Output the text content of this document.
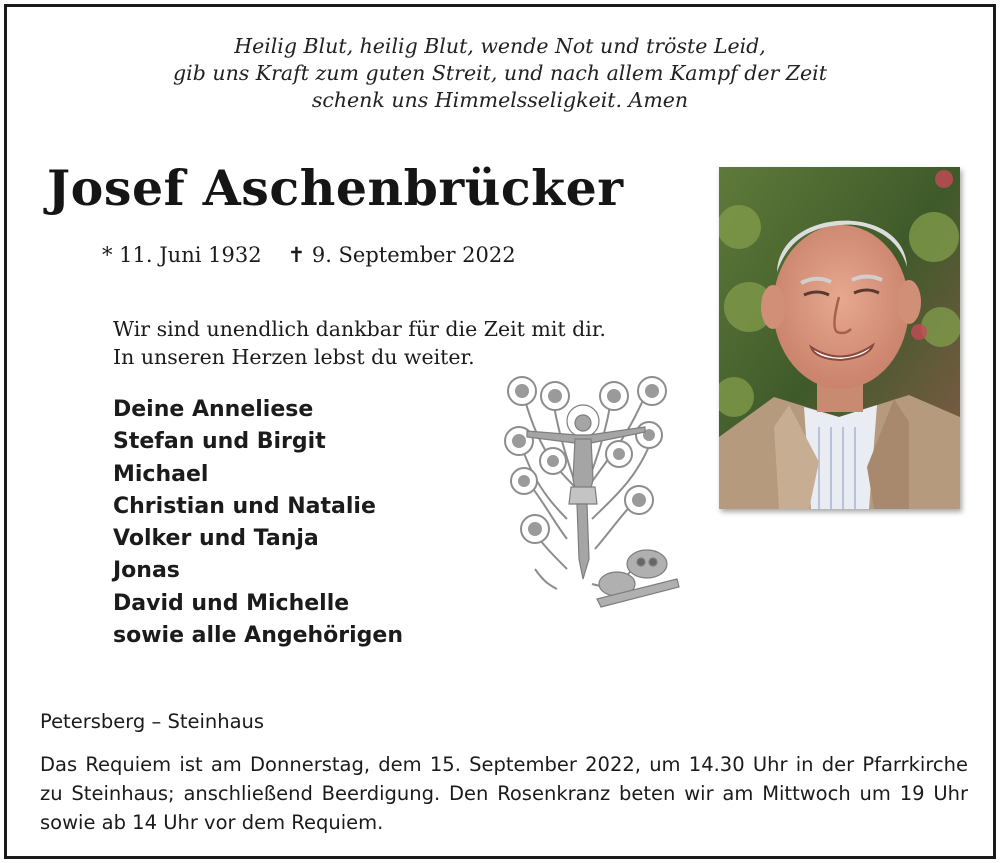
Heilig Blut, heilig Blut, wende Not und tröste Leid,
gib uns Kraft zum guten Streit, und nach allem Kampf der Zeit
schenk uns Himmelsseligkeit. Amen
Josef Aschenbrücker
* 11. Juni 1932 ✝ 9. September 2022
Wir sind unendlich dankbar für die Zeit mit dir.
In unseren Herzen lebst du weiter.
Deine Anneliese
Stefan und Birgit
Michael
Christian und Natalie
Volker und Tanja
Jonas
David und Michelle
sowie alle Angehörigen
Petersberg – Steinhaus
Das Requiem ist am Donnerstag, dem 15. September 2022, um 14.30 Uhr in der Pfarrkirche zu Steinhaus; anschließend Beerdigung. Den Rosenkranz beten wir am Mittwoch um 19 Uhr sowie ab 14 Uhr vor dem Requiem.
